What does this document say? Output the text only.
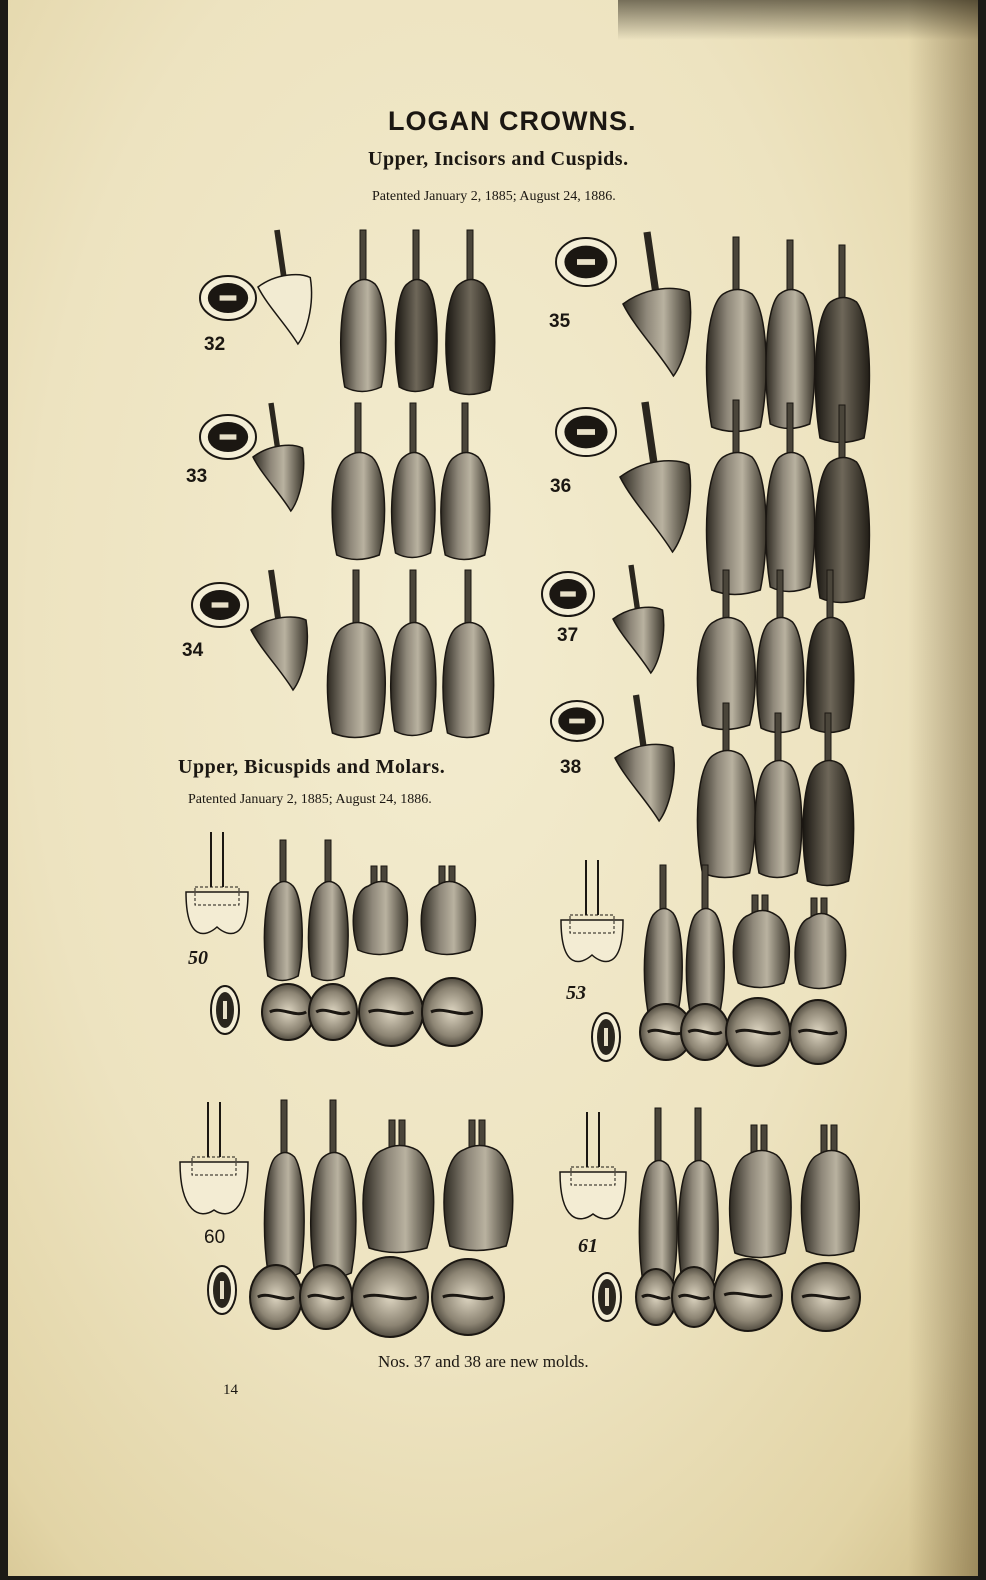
LOGAN CROWNS.
Upper, Incisors and Cuspids.
Patented January 2, 1885; August 24, 1886.
Upper, Bicuspids and Molars.
Patented January 2, 1885; August 24, 1886.
32
33
34
35
36
37
38
50
53
60	61
Nos. 37 and 38 are new molds.
14
